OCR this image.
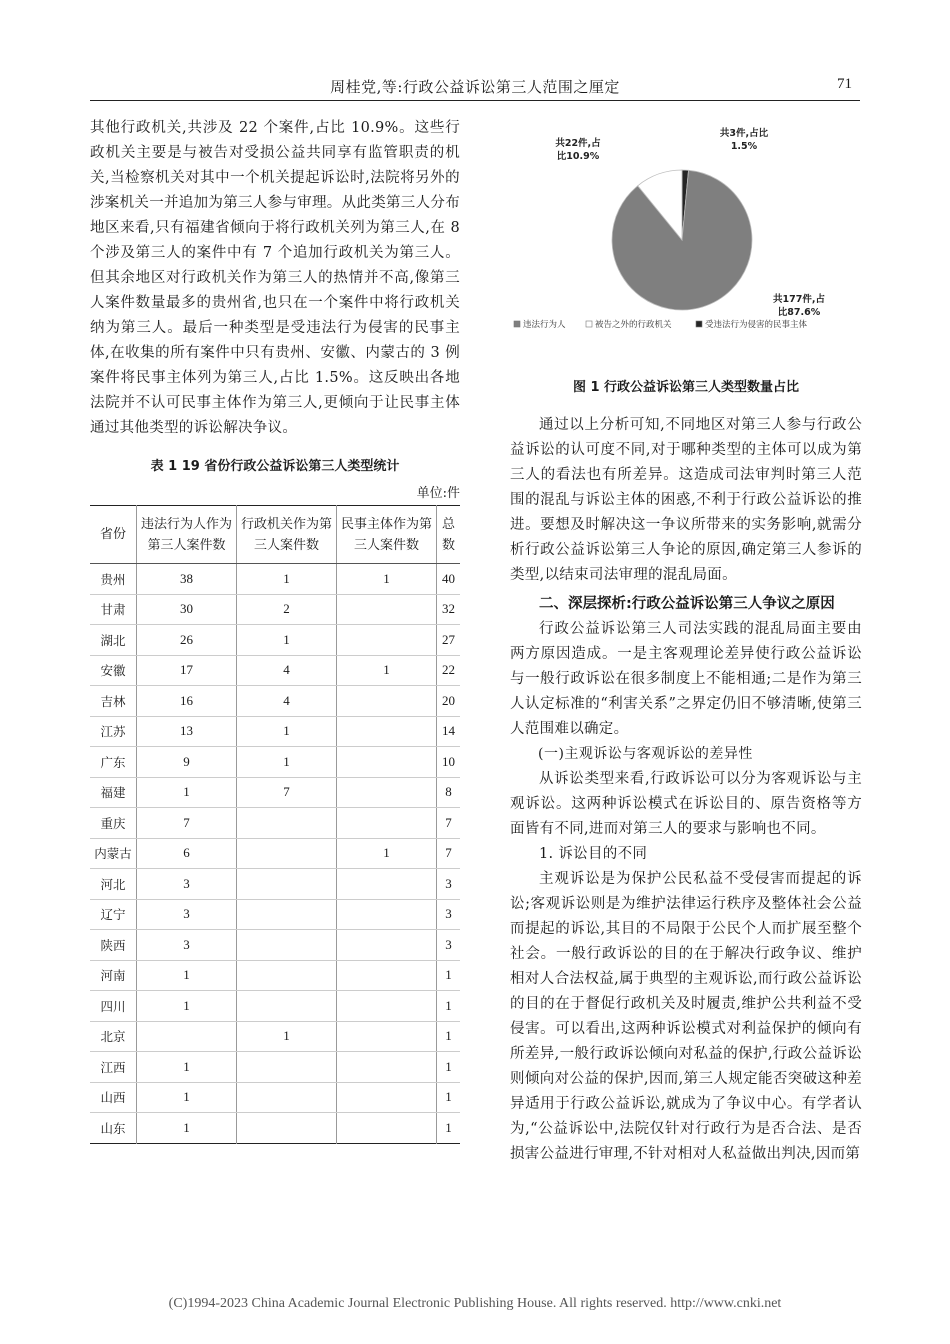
周桂党,等:行政公益诉讼第三人范围之厘定	71

其他行政机关,共涉及 22 个案件,占比 10.9%。这些行政机关主要是与被告对受损公益共同享有监管职责的机关,当检察机关对其中一个机关提起诉讼时,法院将另外的涉案机关一并追加为第三人参与审理。从此类第三人分布地区来看,只有福建省倾向于将行政机关列为第三人,在 8 个涉及第三人的案件中有 7 个追加行政机关为第三人。但其余地区对行政机关作为第三人的热情并不高,像第三人案件数量最多的贵州省,也只在一个案件中将行政机关纳为第三人。最后一种类型是受违法行为侵害的民事主体,在收集的所有案件中只有贵州、安徽、内蒙古的 3 例案件将民事主体列为第三人,占比 1.5%。这反映出各地法院并不认可民事主体作为第三人,更倾向于让民事主体通过其他类型的诉讼解决争议。

表 1 19 省份行政公益诉讼第三人类型统计
单位:件
省份	违法行为人作为第三人案件数	行政机关作为第三人案件数	民事主体作为第三人案件数	总数
贵州	38	1	1	40
甘肃	30	2		32
湖北	26	1		27
安徽	17	4	1	22
吉林	16	4		20
江苏	13	1		14
广东	9	1		10
福建	1	7		8
重庆	7			7
内蒙古	6		1	7
河北	3			3
辽宁	3			3
陕西	3			3
河南	1			1
四川	1			1
北京		1		1
江西	1			1
山西	1			1
山东	1			1
共177件,占
比87.6%
共22件,占
比10.9%
共3件,占比
1.5%
违法行为人	被告之外的行政机关	受违法行为侵害的民事主体
图 1 行政公益诉讼第三人类型数量占比

通过以上分析可知,不同地区对第三人参与行政公益诉讼的认可度不同,对于哪种类型的主体可以成为第三人的看法也有所差异。这造成司法审判时第三人范围的混乱与诉讼主体的困惑,不利于行政公益诉讼的推进。要想及时解决这一争议所带来的实务影响,就需分析行政公益诉讼第三人争论的原因,确定第三人参诉的类型,以结束司法审理的混乱局面。

二、深层探析:行政公益诉讼第三人争议之原因

行政公益诉讼第三人司法实践的混乱局面主要由两方原因造成。一是主客观理论差异使行政公益诉讼与一般行政诉讼在很多制度上不能相通;二是作为第三人认定标准的“利害关系”之界定仍旧不够清晰,使第三人范围难以确定。

(一)主观诉讼与客观诉讼的差异性

从诉讼类型来看,行政诉讼可以分为客观诉讼与主观诉讼。这两种诉讼模式在诉讼目的、原告资格等方面皆有不同,进而对第三人的要求与影响也不同。

1. 诉讼目的不同

主观诉讼是为保护公民私益不受侵害而提起的诉讼;客观诉讼则是为维护法律运行秩序及整体社会公益而提起的诉讼,其目的不局限于公民个人而扩展至整个社会。一般行政诉讼的目的在于解决行政争议、维护相对人合法权益,属于典型的主观诉讼,而行政公益诉讼的目的在于督促行政机关及时履责,维护公共利益不受侵害。可以看出,这两种诉讼模式对利益保护的倾向有所差异,一般行政诉讼倾向对私益的保护,行政公益诉讼则倾向对公益的保护,因而,第三人规定能否突破这种差异适用于行政公益诉讼,就成为了争议中心。有学者认为,“公益诉讼中,法院仅针对行政行为是否合法、是否损害公益进行审理,不针对相对人私益做出判决,因而第

(C)1994-2023 China Academic Journal Electronic Publishing House. All rights reserved. http://www.cnki.net
